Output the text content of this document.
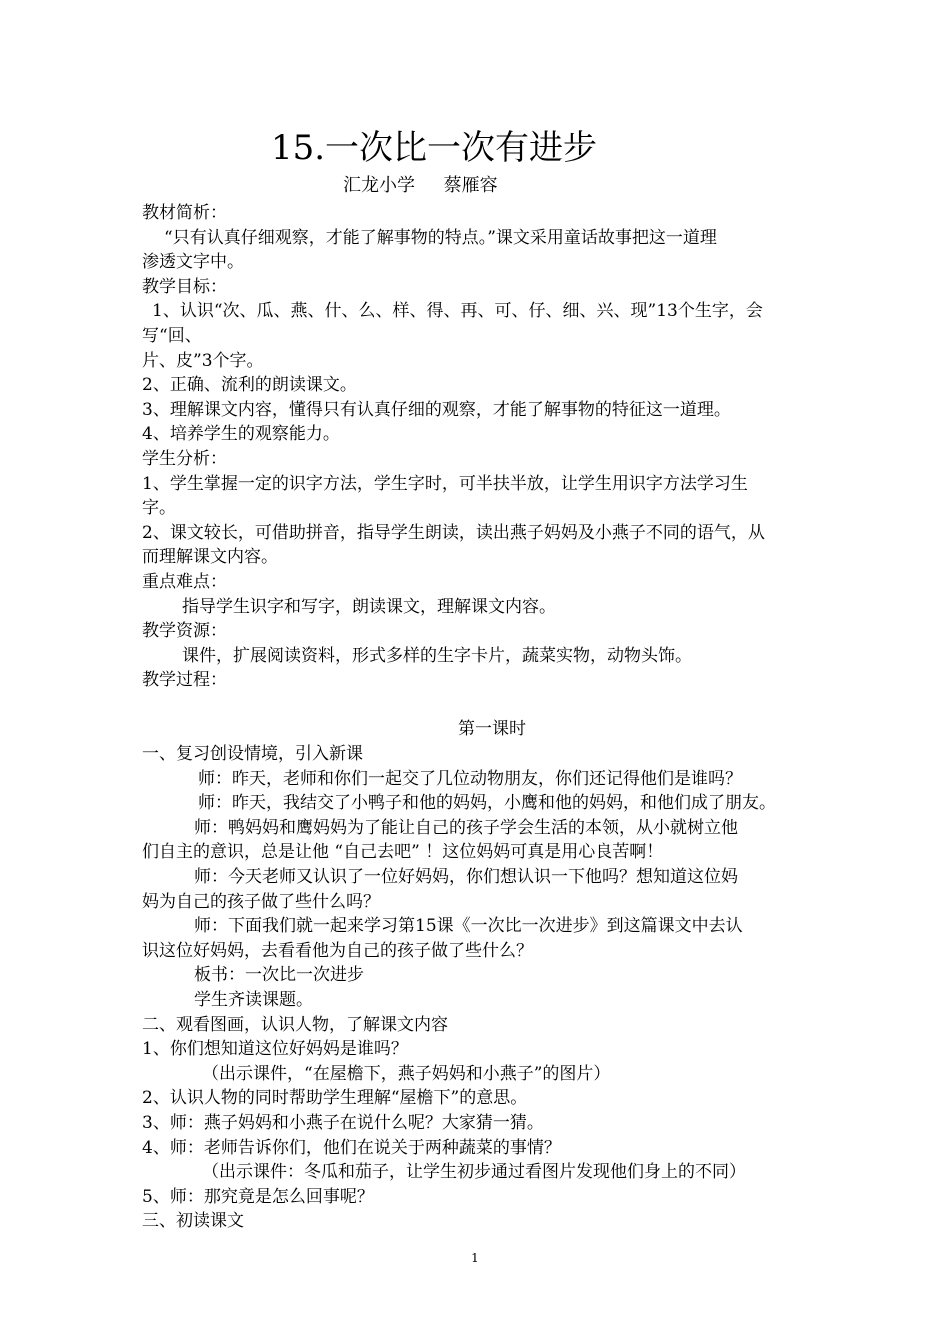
15.一次比一次有进步
汇龙小学     蔡雁容

教材简析：

“只有认真仔细观察，才能了解事物的特点。”课文采用童话故事把这一道理

渗透文字中。

教学目标：

1、认识“次、瓜、燕、什、么、样、得、再、可、仔、细、兴、现”13个生字，会写“回、

片、皮”3个字。

2、正确、流利的朗读课文。

3、理解课文内容，懂得只有认真仔细的观察，才能了解事物的特征这一道理。

4、培养学生的观察能力。

学生分析：

1、学生掌握一定的识字方法，学生字时，可半扶半放，让学生用识字方法学习生

字。

2、课文较长，可借助拼音，指导学生朗读，读出燕子妈妈及小燕子不同的语气，从

而理解课文内容。

重点难点：

指导学生识字和写字，朗读课文，理解课文内容。

教学资源：

课件，扩展阅读资料，形式多样的生字卡片，蔬菜实物，动物头饰。

教学过程：

第一课时

一、复习创设情境，引入新课

师：昨天，老师和你们一起交了几位动物朋友，你们还记得他们是谁吗？

师：昨天，我结交了小鸭子和他的妈妈，小鹰和他的妈妈，和他们成了朋友。

师：鸭妈妈和鹰妈妈为了能让自己的孩子学会生活的本领，从小就树立他

们自主的意识，总是让他 “自己去吧” ！这位妈妈可真是用心良苦啊！

师：今天老师又认识了一位好妈妈，你们想认识一下他吗？想知道这位妈

妈为自己的孩子做了些什么吗？

师：下面我们就一起来学习第15课《一次比一次进步》到这篇课文中去认

识这位好妈妈，去看看他为自己的孩子做了些什么？

板书：一次比一次进步

学生齐读课题。

二、观看图画，认识人物，了解课文内容

1、你们想知道这位好妈妈是谁吗？

（出示课件，“在屋檐下，燕子妈妈和小燕子”的图片）

2、认识人物的同时帮助学生理解“屋檐下”的意思。

3、师：燕子妈妈和小燕子在说什么呢？大家猜一猜。

4、师：老师告诉你们，他们在说关于两种蔬菜的事情？

（出示课件：冬瓜和茄子，让学生初步通过看图片发现他们身上的不同）

5、师：那究竟是怎么回事呢？

三、初读课文

1
